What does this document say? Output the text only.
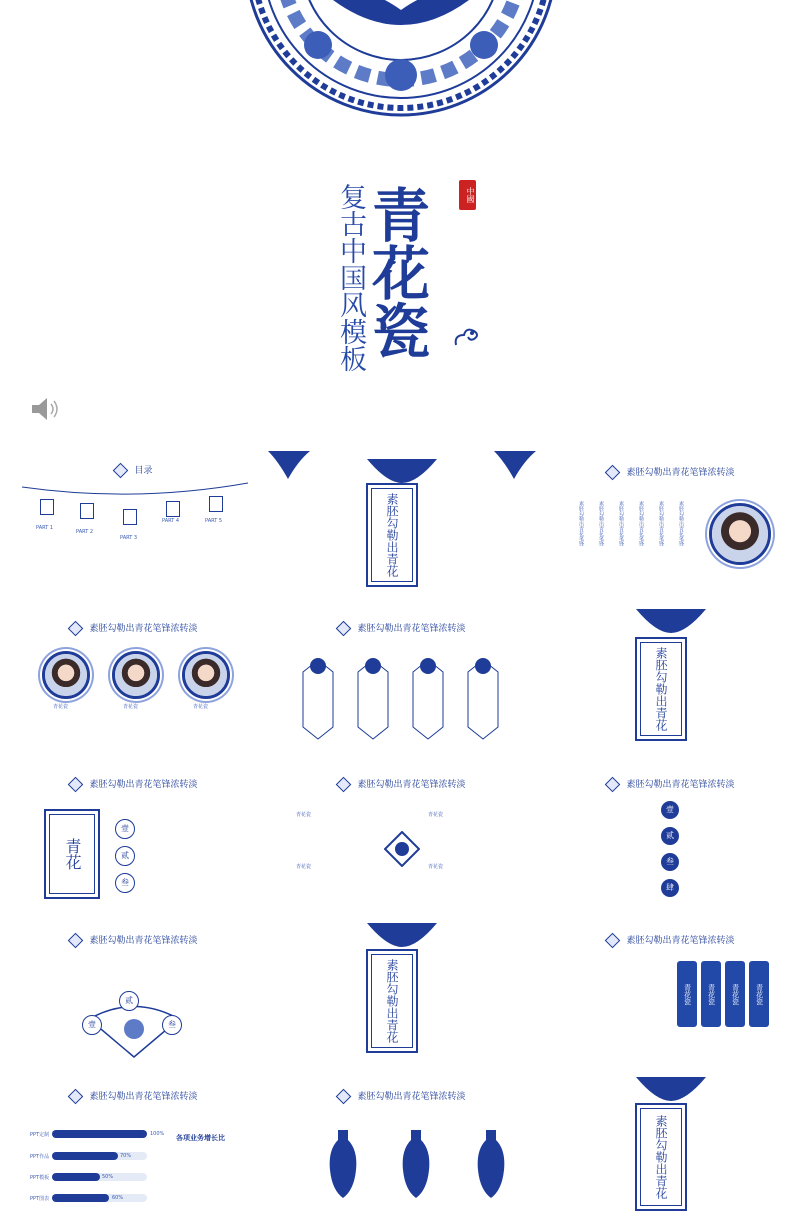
中國
青花瓷
复古中国风模板
目录
PART 1
PART 2
PART 3
PART 4	PART 5	素胚勾勒出青花
素胚勾勒出青花笔锋浓转淡
素胚勾勒出青花笔锋	素胚勾勒出青花笔锋	素胚勾勒出青花笔锋	素胚勾勒出青花笔锋	素胚勾勒出青花笔锋	素胚勾勒出青花笔锋
素胚勾勒出青花笔锋浓转淡
青花瓷	青花瓷	青花瓷
素胚勾勒出青花笔锋浓转淡
素胚勾勒出青花
素胚勾勒出青花笔锋浓转淡
青花
壹
贰
叁
素胚勾勒出青花笔锋浓转淡
青花瓷	青花瓷
青花瓷	青花瓷
素胚勾勒出青花笔锋浓转淡
壹
贰
叁
肆
素胚勾勒出青花笔锋浓转淡
贰
壹	叁	素胚勾勒出青花
素胚勾勒出青花笔锋浓转淡
青花瓷	青花瓷	青花瓷	青花瓷
素胚勾勒出青花笔锋浓转淡
PPT定制	100%
PPT作品	70%
PPT模板	50%
PPT图表	60%
各项业务增长比
素胚勾勒出青花笔锋浓转淡
素胚勾勒出青花
